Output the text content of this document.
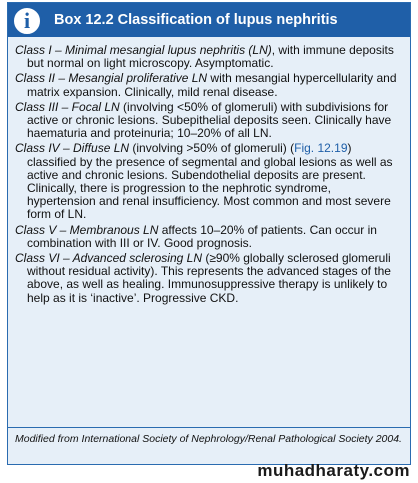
i	Box 12.2 Classification of lupus nephritis

Class I – Minimal mesangial lupus nephritis (LN), with immune deposits but normal on light microscopy. Asymptomatic.

Class II – Mesangial proliferative LN with mesangial hypercellularity and matrix expansion. Clinically, mild renal disease.

Class III – Focal LN (involving <50% of glomeruli) with subdivisions for active or chronic lesions. Subepithelial deposits seen. Clinically have haematuria and proteinuria; 10–20% of all LN.

Class IV – Diffuse LN (involving >50% of glomeruli) (Fig. 12.19) classified by the presence of segmental and global lesions as well as active and chronic lesions. Subendothelial deposits are present. Clinically, there is progression to the nephrotic syndrome, hypertension and renal insufficiency. Most common and most severe form of LN.

Class V – Membranous LN affects 10–20% of patients. Can occur in combination with III or IV. Good prognosis.

Class VI – Advanced sclerosing LN (≥90% globally sclerosed glomeruli without residual activity). This represents the advanced stages of the above, as well as healing. Immunosuppressive therapy is unlikely to help as it is ‘inactive’. Progressive CKD.

Modified from International Society of Nephrology/Renal Pathological Society 2004.
muhadharaty.com
